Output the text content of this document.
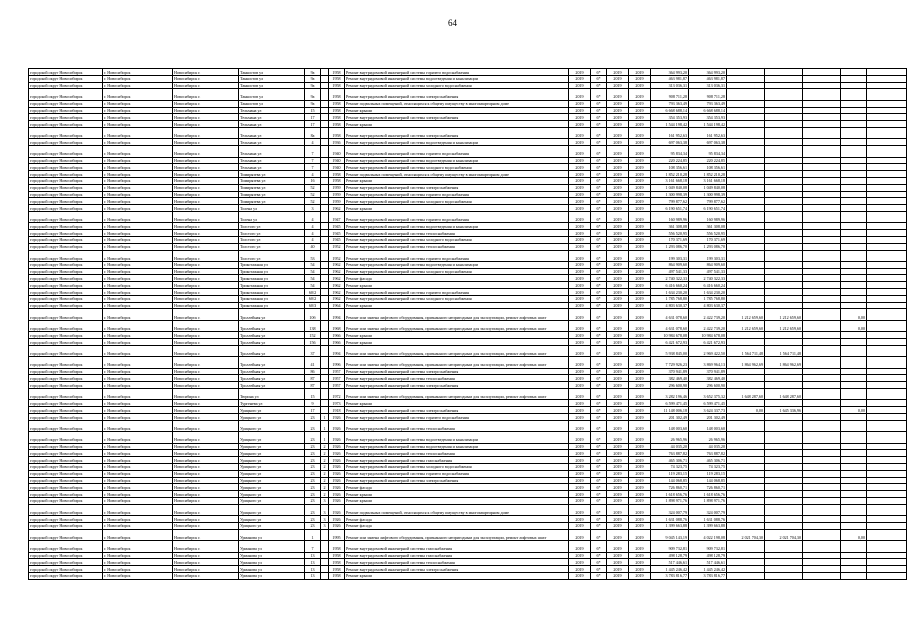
64
городской округ Новосибирск	г. Новосибирск	Новосибирск г.	Танкистов ул	9а		1958	Ремонт внутридомовой инженерной системы горячего водоснабжения	2019	6*	2019	2019	364 993,20	364 993,20					
городской округ Новосибирск	г. Новосибирск	Новосибирск г.	Танкистов ул	9а		1958	Ремонт внутридомовой инженерной системы водоотведения и канализации	2019	6*	2019	2019	463 981,87	463 981,87					
городской округ Новосибирск	г. Новосибирск	Новосибирск г.	Танкистов ул	9а		1958	Ремонт внутридомовой инженерной системы холодного водоснабжения	2019	6*	2019	2019	313 036,31	313 036,31					
городской округ Новосибирск	г. Новосибирск	Новосибирск г.	Танкистов ул	9а		1958	Ремонт внутридомовой инженерной системы электроснабжения	2019	6*	2019	2019	908 711,28	908 711,28					
городской округ Новосибирск	г. Новосибирск	Новосибирск г.	Танкистов ул	9а		1958	Ремонт подвальных помещений, относящихся к общему имуществу в многоквартирном доме	2019	6*	2019	2019	793 363,49	793 363,49					
городской округ Новосибирск	г. Новосибирск	Новосибирск г.	Тельмана ул	15		1958	Ремонт крыши	2019	6*	2019	2019	6 668 688,14	6 668 688,14					
городской округ Новосибирск	г. Новосибирск	Новосибирск г.	Тельмана ул	17		1958	Ремонт внутридомовой инженерной системы электроснабжения	2019	6*	2019	2019	354 353,93	354 353,93					
городской округ Новосибирск	г. Новосибирск	Новосибирск г.	Тельмана ул	17		1958	Ремонт крыши	2019	6*	2019	2019	1 544 198,42	1 544 198,42					
городской округ Новосибирск	г. Новосибирск	Новосибирск г.	Тельмана ул	8а		1958	Ремонт внутридомовой инженерной системы электроснабжения	2019	6*	2019	2019	161 952,63	161 952,63					
городской округ Новосибирск	г. Новосибирск	Новосибирск г.	Тельмана ул	4		1936	Ремонт внутридомовой инженерной системы водоотведения и канализации	2019	6*	2019	2019	697 063,38	697 063,38					
городской округ Новосибирск	г. Новосибирск	Новосибирск г.	Тельмана ул	7		1940	Ремонт внутридомовой инженерной системы горячего водоснабжения	2019	6*	2019	2019	95 834,34	95 834,34					
городской округ Новосибирск	г. Новосибирск	Новосибирск г.	Тельмана ул	7		1940	Ремонт внутридомовой инженерной системы водоотведения и канализации	2019	6*	2019	2019	220 224,85	220 224,85					
городской округ Новосибирск	г. Новосибирск	Новосибирск г.	Тельмана ул	7		1940	Ремонт внутридомовой инженерной системы холодного водоснабжения	2019	6*	2019	2019	108 356,61	108 356,61					
городской округ Новосибирск	г. Новосибирск	Новосибирск г.	Тимирязева ул	4		1958	Ремонт подвальных помещений, относящихся к общему имуществу в многоквартирном доме	2019	6*	2019	2019	1 852 210,28	1 852 210,28					
городской округ Новосибирск	г. Новосибирск	Новосибирск г.	Тимирязева ул	16		1958	Ремонт крыши	2019	6*	2019	2019	3 161 668,18	3 161 668,18					
городской округ Новосибирск	г. Новосибирск	Новосибирск г.	Тимирязева ул	52		1959	Ремонт внутридомовой инженерной системы электроснабжения	2019	6*	2019	2019	1 049 840,08	1 049 840,08					
городской округ Новосибирск	г. Новосибирск	Новосибирск г.	Тимирязева ул	52		1959	Ремонт внутридомовой инженерной системы горячего водоснабжения	2019	6*	2019	2019	1 300 998,39	1 300 998,39					
городской округ Новосибирск	г. Новосибирск	Новосибирск г.	Тимирязева ул	52		1959	Ремонт внутридомовой инженерной системы холодного водоснабжения	2019	6*	2019	2019	799 877,62	799 877,62					
городской округ Новосибирск	г. Новосибирск	Новосибирск г.	Толена ул	3		1962	Ремонт крыши	2019	6*	2019	2019	6 190 651,74	6 190 651,74					
городской округ Новосибирск	г. Новосибирск	Новосибирск г.	Толена ул	4		1947	Ремонт внутридомовой инженерной системы горячего водоснабжения	2019	6*	2019	2019	160 989,96	160 989,96					
городской округ Новосибирск	г. Новосибирск	Новосибирск г.	Толстого ул	4		1945	Ремонт внутридомовой инженерной системы водоотведения и канализации	2019	6*	2019	2019	361 308,08	361 308,08					
городской округ Новосибирск	г. Новосибирск	Новосибирск г.	Толстого ул	4		1945	Ремонт внутридомовой инженерной системы теплоснабжения	2019	6*	2019	2019	556 520,95	556 520,95					
городской округ Новосибирск	г. Новосибирск	Новосибирск г.	Толстого ул	4		1945	Ремонт внутридомовой инженерной системы холодного водоснабжения	2019	6*	2019	2019	170 371,69	170 371,69					
городской округ Новосибирск	г. Новосибирск	Новосибирск г.	Толстого ул	40		1952	Ремонт внутридомовой инженерной системы теплоснабжения	2019	6*	2019	2019	1 293 086,70	1 293 086,70					
городской округ Новосибирск	г. Новосибирск	Новосибирск г.	Толстого ул	53		1952	Ремонт внутридомовой инженерной системы горячего водоснабжения	2019	6*	2019	2019	199 303,31	199 303,31					
городской округ Новосибирск	г. Новосибирск	Новосибирск г.	Трикотажная ул	54		1962	Ремонт внутридомовой инженерной системы водоотведения и канализации	2019	6*	2019	2019	864 909,60	864 909,60					
городской округ Новосибирск	г. Новосибирск	Новосибирск г.	Трикотажная ул	54		1962	Ремонт внутридомовой инженерной системы холодного водоснабжения	2019	6*	2019	2019	497 541,33	497 541,33					
городской округ Новосибирск	г. Новосибирск	Новосибирск г.	Трикотажная ул	54		1962	Ремонт фасада	2019	6*	2019	2019	2 740 322,33	2 740 322,33					
городской округ Новосибирск	г. Новосибирск	Новосибирск г.	Трикотажная ул	54		1962	Ремонт крыши	2019	6*	2019	2019	6 416 660,24	6 416 660,24					
городской округ Новосибирск	г. Новосибирск	Новосибирск г.	Трикотажная ул	60/2		1962	Ремонт внутридомовой инженерной системы горячего водоснабжения	2019	6*	2019	2019	1 634 230,20	1 634 230,20					
городской округ Новосибирск	г. Новосибирск	Новосибирск г.	Трикотажная ул	60/2		1962	Ремонт внутридомовой инженерной системы холодного водоснабжения	2019	6*	2019	2019	1 785 768,80	1 785 768,80					
городской округ Новосибирск	г. Новосибирск	Новосибирск г.	Трикотажная ул	60/3		1964	Ремонт крыши	2019	6*	2019	2019	4 803 630,37	4 803 630,37					
городской округ Новосибирск	г. Новосибирск	Новосибирск г.	Троллейная ул	10б		1994	Ремонт или замена лифтового оборудования, признанного непригодным для эксплуатации, ремонт лифтовых шахт	2019	6*	2019	2019	4 631 078,60	2 422 739,20	1 212 659,60	1 212 659,60		0,00	
городской округ Новосибирск	г. Новосибирск	Новосибирск г.	Троллейная ул	138		1968	Ремонт или замена лифтового оборудования, признанного непригодным для эксплуатации, ремонт лифтовых шахт	2019	6*	2019	2019	4 631 078,60	2 422 739,20	1 212 659,60	1 212 659,60		0,00	
городской округ Новосибирск	г. Новосибирск	Новосибирск г.	Троллейная ул	152		1966	Ремонт крыши	2019	6*	2019	2019	10 984 678,08	10 984 678,08					
городской округ Новосибирск	г. Новосибирск	Новосибирск г.	Троллейная ул	156		1966	Ремонт крыши	2019	6*	2019	2019	6 421 672,93	6 421 672,93					
городской округ Новосибирск	г. Новосибирск	Новосибирск г.	Троллейная ул	37		1994	Ремонт или замена лифтового оборудования, признанного непригодным для эксплуатации, ремонт лифтовых шахт	2019	6*	2019	2019	5 938 845,00	2 969 422,50	1 564 711,48	1 564 711,48			
городской округ Новосибирск	г. Новосибирск	Новосибирск г.	Троллейная ул	41		1996	Ремонт или замена лифтового оборудования, признанного непригодным для эксплуатации, ремонт лифтовых шахт	2019	6*	2019	2019	7 729 926,23	3 869 964,13	1 864 962,69	1 864 962,69			
городской округ Новосибирск	г. Новосибирск	Новосибирск г.	Троллейная ул	86		1957	Ремонт внутридомовой инженерной системы электроснабжения	2019	6*	2019	2019	370 941,89	370 941,89					
городской округ Новосибирск	г. Новосибирск	Новосибирск г.	Троллейная ул	87		1957	Ремонт внутридомовой инженерной системы теплоснабжения	2019	6*	2019	2019	382 469,40	382 469,40					
городской округ Новосибирск	г. Новосибирск	Новосибирск г.	Троллейная ул	87		1957	Ремонт внутридомовой инженерной системы электроснабжения	2019	6*	2019	2019	296 600,90	296 600,90					
городской округ Новосибирск	г. Новосибирск	Новосибирск г.	Тюрина ул	15		1972	Ремонт или замена лифтового оборудования, признанного непригодным для эксплуатации, ремонт лифтовых шахт	2019	6*	2019	2019	3 282 196,46	3 652 375,32	1 648 287,60	1 648 287,60			
городской округ Новосибирск	г. Новосибирск	Новосибирск г.	Тургенева ул	9		1973	Ремонт крыши	2019	6*	2019	2019	6 599 471,45	6 599 471,45					
городской округ Новосибирск	г. Новосибирск	Новосибирск г.	Урицкого ул	17		1918	Ремонт внутридомовой инженерной системы электроснабжения	2019	6*	2019	2019	11 148 006,18	3 624 337,73	0,00	1 645 336,96		0,00	
городской округ Новосибирск	г. Новосибирск	Новосибирск г.	Урицкого ул	23	1	1926	Ремонт внутридомовой инженерной системы горячего водоснабжения	2019	6*	2019	2019	201 302,49	201 302,49					
городской округ Новосибирск	г. Новосибирск	Новосибирск г.	Урицкого ул	23	1	1926	Ремонт внутридомовой инженерной системы теплоснабжения	2019	6*	2019	2019	148 003,60	148 003,60					
городской округ Новосибирск	г. Новосибирск	Новосибирск г.	Урицкого ул	23	1	1926	Ремонт внутридомовой инженерной системы водоотведения и канализации	2019	6*	2019	2019	26 965,96	26 965,96					
городской округ Новосибирск	г. Новосибирск	Новосибирск г.	Урицкого ул	23	2	1926	Ремонт внутридомовой инженерной системы водоотведения и канализации	2019	6*	2019	2019	44 035,20	44 035,20					
городской округ Новосибирск	г. Новосибирск	Новосибирск г.	Урицкого ул	23	2	1926	Ремонт внутридомовой инженерной системы теплоснабжения	2019	6*	2019	2019	763 887,82	763 887,82					
городской округ Новосибирск	г. Новосибирск	Новосибирск г.	Урицкого ул	23	2	1926	Ремонт внутридомовой инженерной системы газоснабжения	2019	6*	2019	2019	465 306,71	465 306,71					
городской округ Новосибирск	г. Новосибирск	Новосибирск г.	Урицкого ул	23	2	1926	Ремонт внутридомовой инженерной системы холодного водоснабжения	2019	6*	2019	2019	74 323,75	74 323,75					
городской округ Новосибирск	г. Новосибирск	Новосибирск г.	Урицкого ул	23	2	1926	Ремонт внутридомовой инженерной системы горячего водоснабжения	2019	6*	2019	2019	119 283,15	119 283,15					
городской округ Новосибирск	г. Новосибирск	Новосибирск г.	Урицкого ул	23	2	1926	Ремонт внутридомовой инженерной системы электроснабжения	2019	6*	2019	2019	144 068,85	144 068,85					
городской округ Новосибирск	г. Новосибирск	Новосибирск г.	Урицкого ул	23	2	1926	Ремонт фасада	2019	6*	2019	2019	726 860,71	726 860,71					
городской округ Новосибирск	г. Новосибирск	Новосибирск г.	Урицкого ул	23	2	1926	Ремонт крыши	2019	6*	2019	2019	1 618 656,76	1 618 656,76					
городской округ Новосибирск	г. Новосибирск	Новосибирск г.	Урицкого ул	23	3	1926	Ремонт крыши	2019	6*	2019	2019	1 898 971,76	1 898 971,76					
городской округ Новосибирск	г. Новосибирск	Новосибирск г.	Урицкого ул	23	3	1926	Ремонт подвальных помещений, относящихся к общему имуществу в многоквартирном доме	2019	6*	2019	2019	324 007,79	324 007,79					
городской округ Новосибирск	г. Новосибирск	Новосибирск г.	Урицкого ул	23	3	1926	Ремонт фасада	2019	6*	2019	2019	1 631 088,76	1 631 088,76					
городской округ Новосибирск	г. Новосибирск	Новосибирск г.	Урицкого ул	23	3	1926	Ремонт фасада	2019	6*	2019	2019	1 399 663,88	1 399 663,88					
городской округ Новосибирск	г. Новосибирск	Новосибирск г.	Урманова ул	1		1995	Ремонт или замена лифтового оборудования, признанного непригодным для эксплуатации, ремонт лифтовых шахт	2019	6*	2019	2019	9 045 143,19	4 022 198,08	2 021 704,30	2 021 704,30		0,00	
городской округ Новосибирск	г. Новосибирск	Новосибирск г.	Урманова ул	7		1958	Ремонт внутридомовой инженерной системы газоснабжения	2019	6*	2019	2019	909 732,81	909 732,81					
городской округ Новосибирск	г. Новосибирск	Новосибирск г.	Урманова ул	13		1958	Ремонт внутридомовой инженерной системы газоснабжения	2019	6*	2019	2019	498 128,79	498 128,79					
городской округ Новосибирск	г. Новосибирск	Новосибирск г.	Урманова ул	13		1958	Ремонт внутридомовой инженерной системы теплоснабжения	2019	6*	2019	2019	517 446,61	517 446,61					
городской округ Новосибирск	г. Новосибирск	Новосибирск г.	Урманова ул	13		1958	Ремонт внутридомовой инженерной системы электроснабжения	2019	6*	2019	2019	1 445 246,42	1 445 246,42					
городской округ Новосибирск	г. Новосибирск	Новосибирск г.	Урманова ул	13		1958	Ремонт крыши	2019	6*	2019	2019	3 783 816,77	3 783 816,77					
